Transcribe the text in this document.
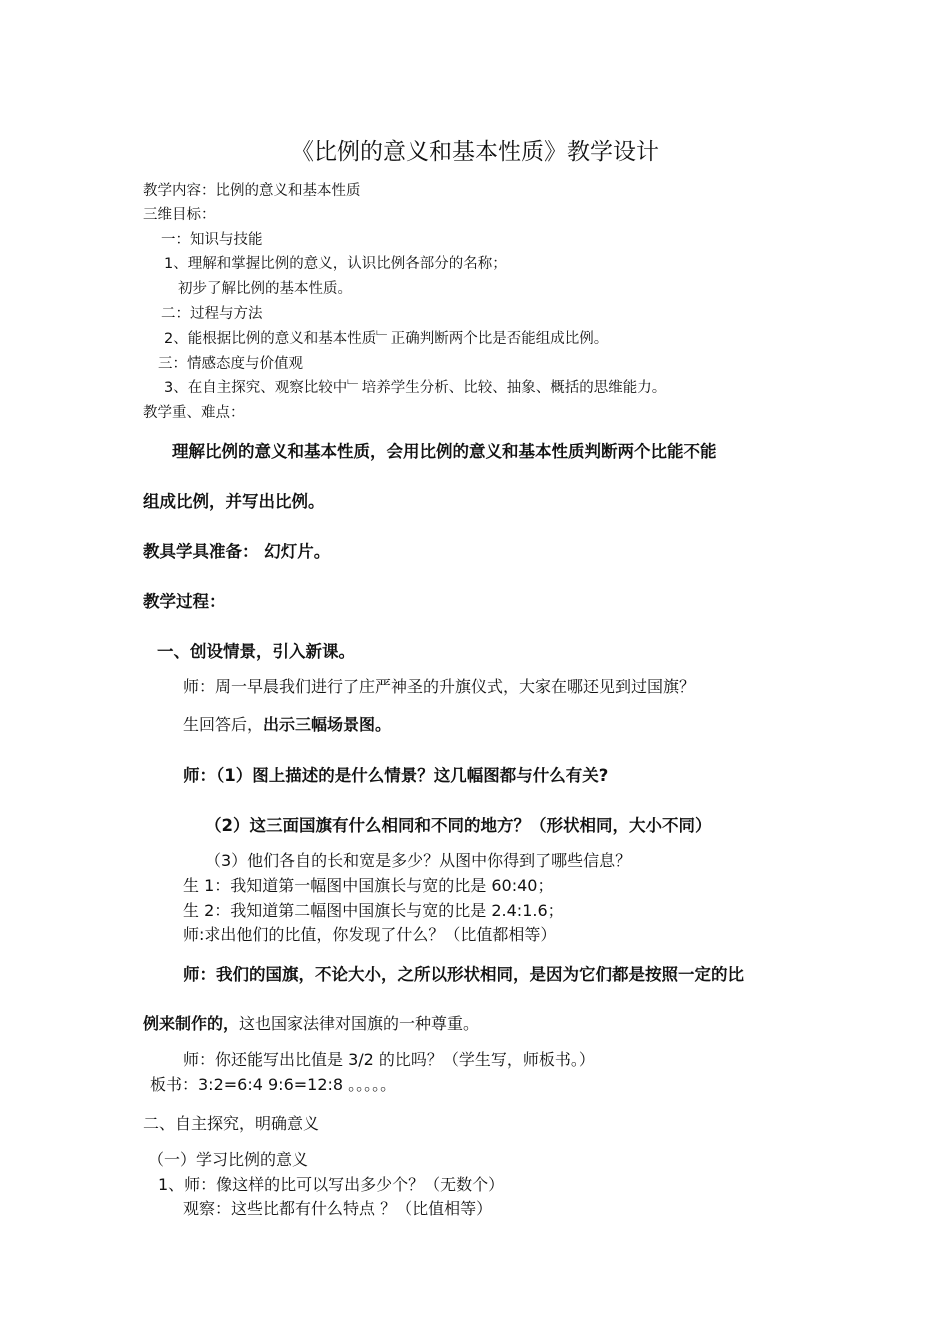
《比例的意义和基本性质》教学设计
教学内容：比例的意义和基本性质
三维目标：
一：知识与技能
1、理解和掌握比例的意义，认识比例各部分的名称；
初步了解比例的基本性质。
二：过程与方法
2、能根据比例的意义和基本性质﹂正确判断两个比是否能组成比例。
三：情感态度与价值观
3、在自主探究、观察比较中﹂培养学生分析、比较、抽象、概括的思维能力。
教学重、难点：
理解比例的意义和基本性质，会用比例的意义和基本性质判断两个比能不能
组成比例，并写出比例。
教具学具准备： 幻灯片。
教学过程：
一、创设情景，引入新课。
师：周一早晨我们进行了庄严神圣的升旗仪式，大家在哪还见到过国旗？
生回答后，出示三幅场景图。
师：（1）图上描述的是什么情景？这几幅图都与什么有关?
（2）这三面国旗有什么相同和不同的地方？（形状相同，大小不同）
（3）他们各自的长和宽是多少？从图中你得到了哪些信息？
生 1：我知道第一幅图中国旗长与宽的比是 60:40；
生 2：我知道第二幅图中国旗长与宽的比是 2.4:1.6；
师:求出他们的比值，你发现了什么？（比值都相等）
师：我们的国旗，不论大小，之所以形状相同，是因为它们都是按照一定的比
例来制作的，这也国家法律对国旗的一种尊重。
师：你还能写出比值是 3/2 的比吗？（学生写，师板书。）
板书：3:2=6:4 9:6=12:8 。。。。。
二、自主探究，明确意义
（一）学习比例的意义
1、师：像这样的比可以写出多少个？（无数个）
观察：这些比都有什么特点 ？（比值相等）
